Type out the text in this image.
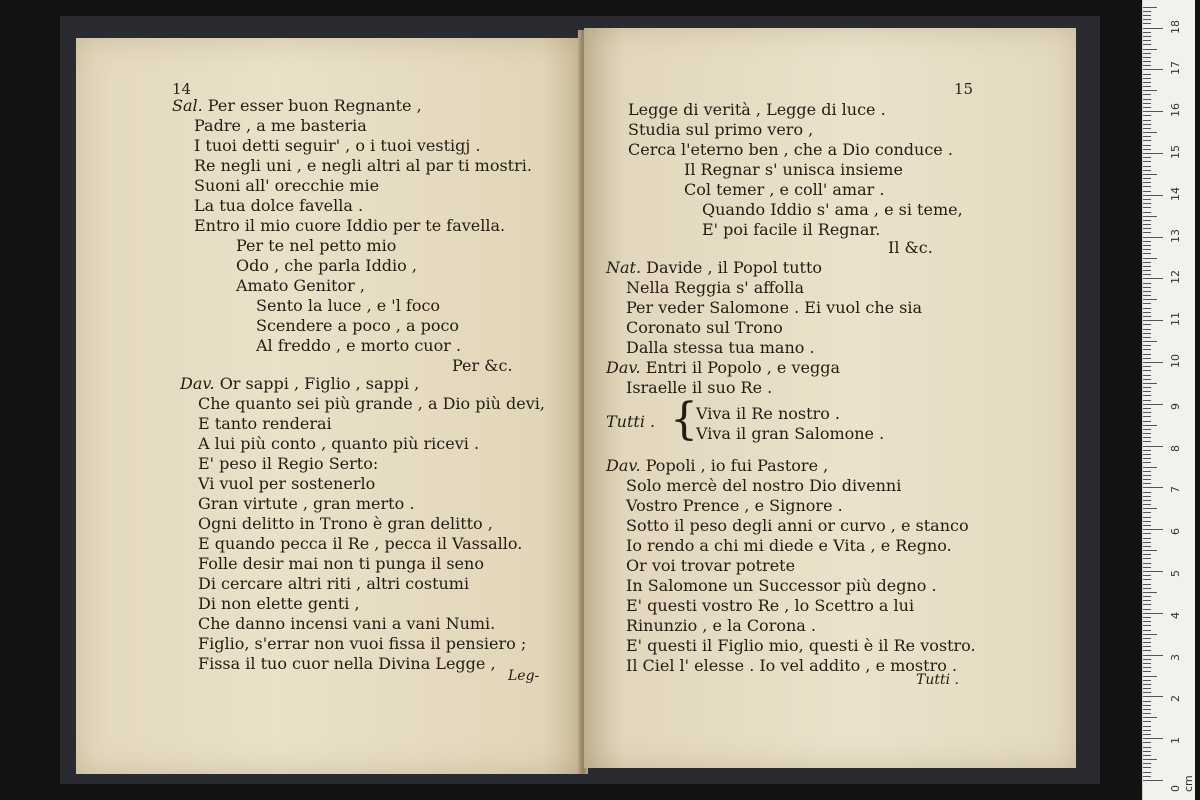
14
Sal. Per esser buon Regnante ,
Padre , a me basteria
I tuoi detti seguir' , o i tuoi vestigj .
Re negli uni , e negli altri al par ti mostri.
Suoni all' orecchie mie
La tua dolce favella .
Entro il mio cuore Iddio per te favella.
Per te nel petto mio
Odo , che parla Iddio ,
Amato Genitor ,
Sento la luce , e 'l foco
Scendere a poco , a poco
Al freddo , e morto cuor .
Per &c.
Dav. Or sappi , Figlio , sappi ,
Che quanto sei più grande , a Dio più devi,
E tanto renderai
A lui più conto , quanto più ricevi .
E' peso il Regio Serto:
Vi vuol per sostenerlo
Gran virtute , gran merto .
Ogni delitto in Trono è gran delitto ,
E quando pecca il Re , pecca il Vassallo.
Folle desir mai non ti punga il seno
Di cercare altri riti , altri costumi
Di non elette genti ,
Che danno incensi vani a vani Numi.
Figlio, s'errar non vuoi fissa il pensiero ;
Fissa il tuo cuor nella Divina Legge ,
Leg-
15
Legge di verità , Legge di luce .
Studia sul primo vero ,
Cerca l'eterno ben , che a Dio conduce .
Il Regnar s' unisca insieme
Col temer , e coll' amar .
Quando Iddio s' ama , e si teme,
E' poi facile il Regnar.
Il &c.
Nat. Davide , il Popol tutto
Nella Reggia s' affolla
Per veder Salomone . Ei vuol che sia
Coronato sul Trono
Dalla stessa tua mano .
Dav. Entri il Popolo , e vegga
Israelle il suo Re .
Tutti .	Viva il Re nostro .
Viva il gran Salomone .
Dav. Popoli , io fui Pastore ,
Solo mercè del nostro Dio divenni
Vostro Prence , e Signore .
Sotto il peso degli anni or curvo , e stanco
Io rendo a chi mi diede e Vita , e Regno.
Or voi trovar potrete
In Salomone un Successor più degno .
E' questi vostro Re , lo Scettro a lui
Rinunzio , e la Corona .
E' questi il Figlio mio, questi è il Re vostro.
Il Ciel l' elesse . Io vel addito , e mostro .
{
Tutti .
0 cm
1
2
3
4
5
6
7
8
9
10
11
12
13
14
15
16
17
18
